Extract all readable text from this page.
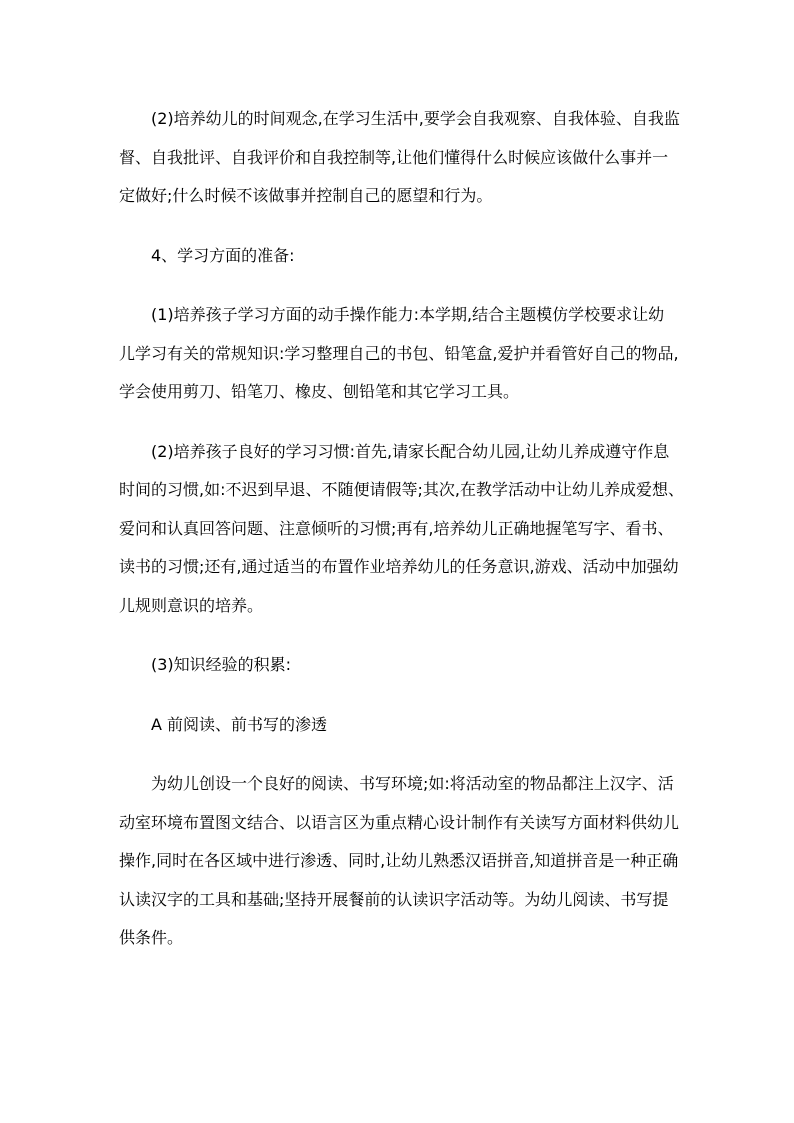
(2)培养幼儿的时间观念,在学习生活中,要学会自我观察、自我体验、自我监
督、自我批评、自我评价和自我控制等,让他们懂得什么时候应该做什么事并一
定做好;什么时候不该做事并控制自己的愿望和行为。
4、学习方面的准备:
(1)培养孩子学习方面的动手操作能力:本学期,结合主题模仿学校要求让幼
儿学习有关的常规知识:学习整理自己的书包、铅笔盒,爱护并看管好自己的物品,
学会使用剪刀、铅笔刀、橡皮、刨铅笔和其它学习工具。
(2)培养孩子良好的学习习惯:首先,请家长配合幼儿园,让幼儿养成遵守作息
时间的习惯,如:不迟到早退、不随便请假等;其次,在教学活动中让幼儿养成爱想、
爱问和认真回答问题、注意倾听的习惯;再有,培养幼儿正确地握笔写字、看书、
读书的习惯;还有,通过适当的布置作业培养幼儿的任务意识,游戏、活动中加强幼
儿规则意识的培养。
(3)知识经验的积累:
A 前阅读、前书写的渗透
为幼儿创设一个良好的阅读、书写环境;如:将活动室的物品都注上汉字、活
动室环境布置图文结合、以语言区为重点精心设计制作有关读写方面材料供幼儿
操作,同时在各区域中进行渗透、同时,让幼儿熟悉汉语拼音,知道拼音是一种正确
认读汉字的工具和基础;坚持开展餐前的认读识字活动等。为幼儿阅读、书写提
供条件。
